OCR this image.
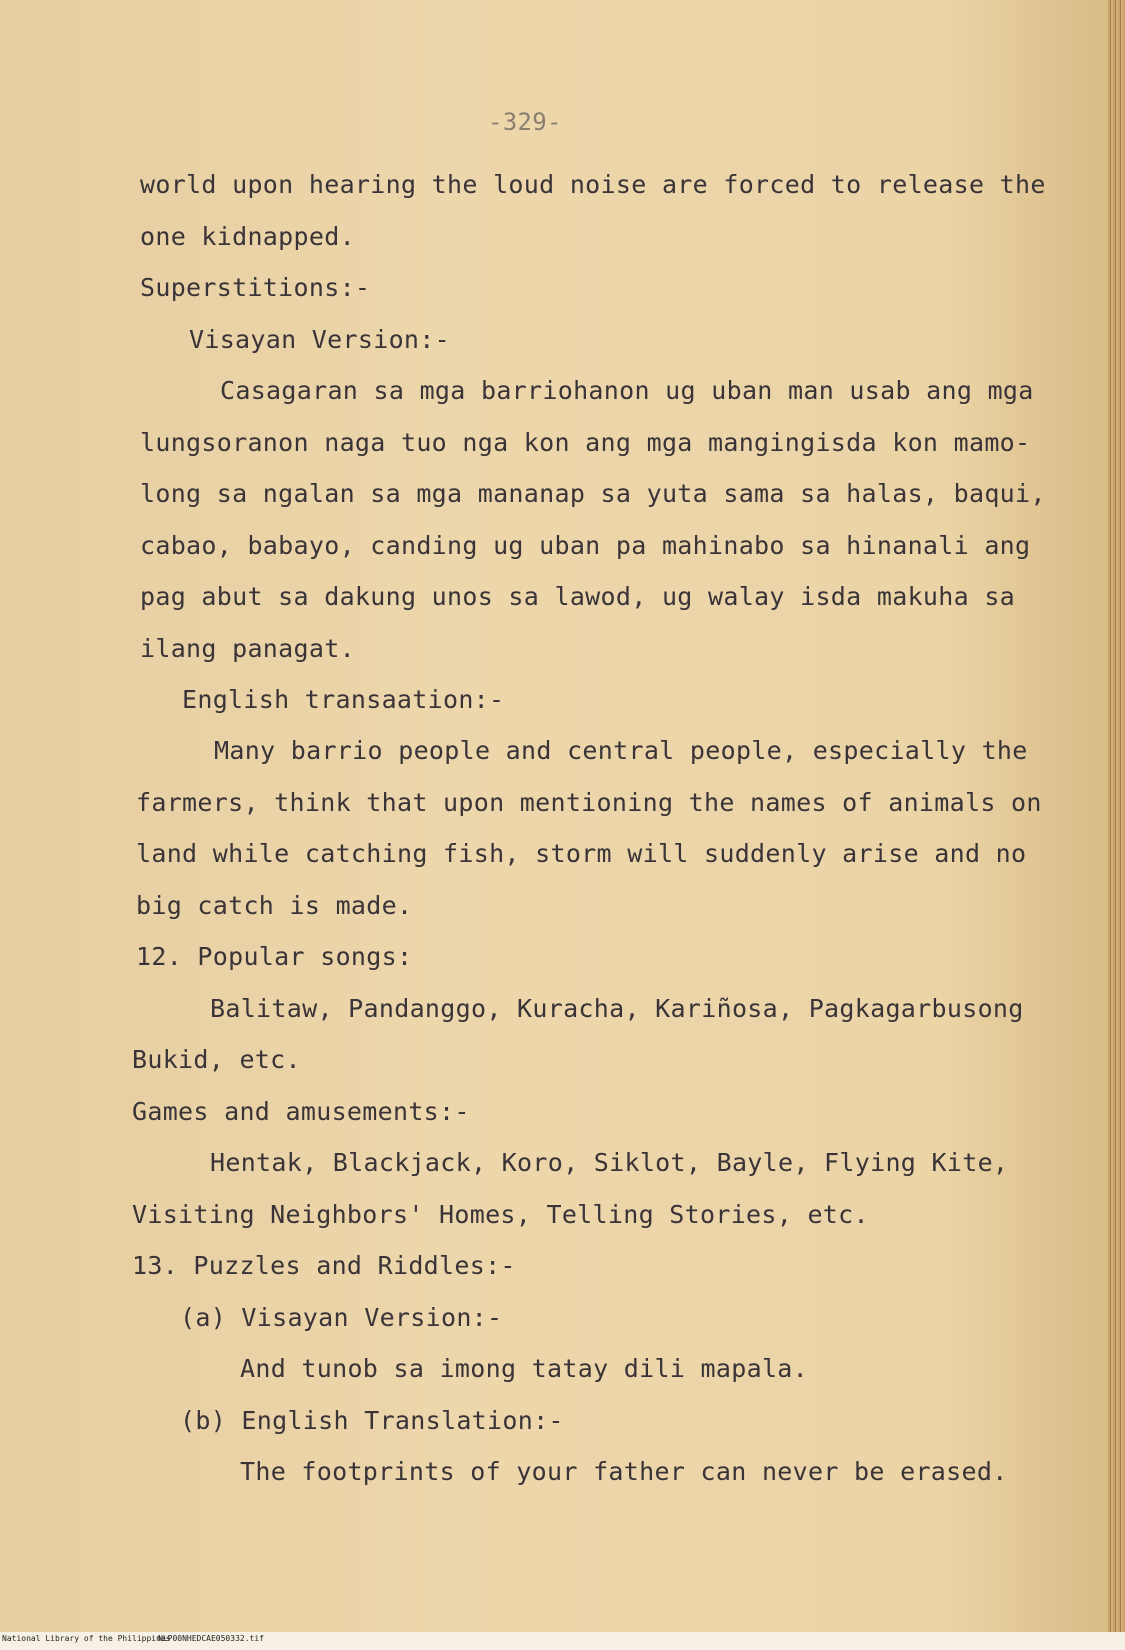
-329-

world upon hearing the loud noise are forced to release the

one kidnapped.

Superstitions:-

Visayan Version:-

Casagaran sa mga barriohanon ug uban man usab ang mga

lungsoranon naga tuo nga kon ang mga mangingisda kon mamo-

long sa ngalan sa mga mananap sa yuta sama sa halas, baqui,

cabao, babayo, canding ug uban pa mahinabo sa hinanali ang

pag abut sa dakung unos sa lawod, ug walay isda makuha sa

ilang panagat.

English transaation:-

Many barrio people and central people, especially the

farmers, think that upon mentioning the names of animals on

land while catching fish, storm will suddenly arise and no

big catch is made.

12. Popular songs:

Balitaw, Pandanggo, Kuracha, Kariñosa, Pagkagarbusong

Bukid, etc.

Games and amusements:-

Hentak, Blackjack, Koro, Siklot, Bayle, Flying Kite,

Visiting Neighbors' Homes, Telling Stories, etc.

13. Puzzles and Riddles:-

(a) Visayan Version:-

And tunob sa imong tatay dili mapala.

(b) English Translation:-

The footprints of your father can never be erased.

National Library of the Philippines
NLP00NHEDCAE050332.tif
